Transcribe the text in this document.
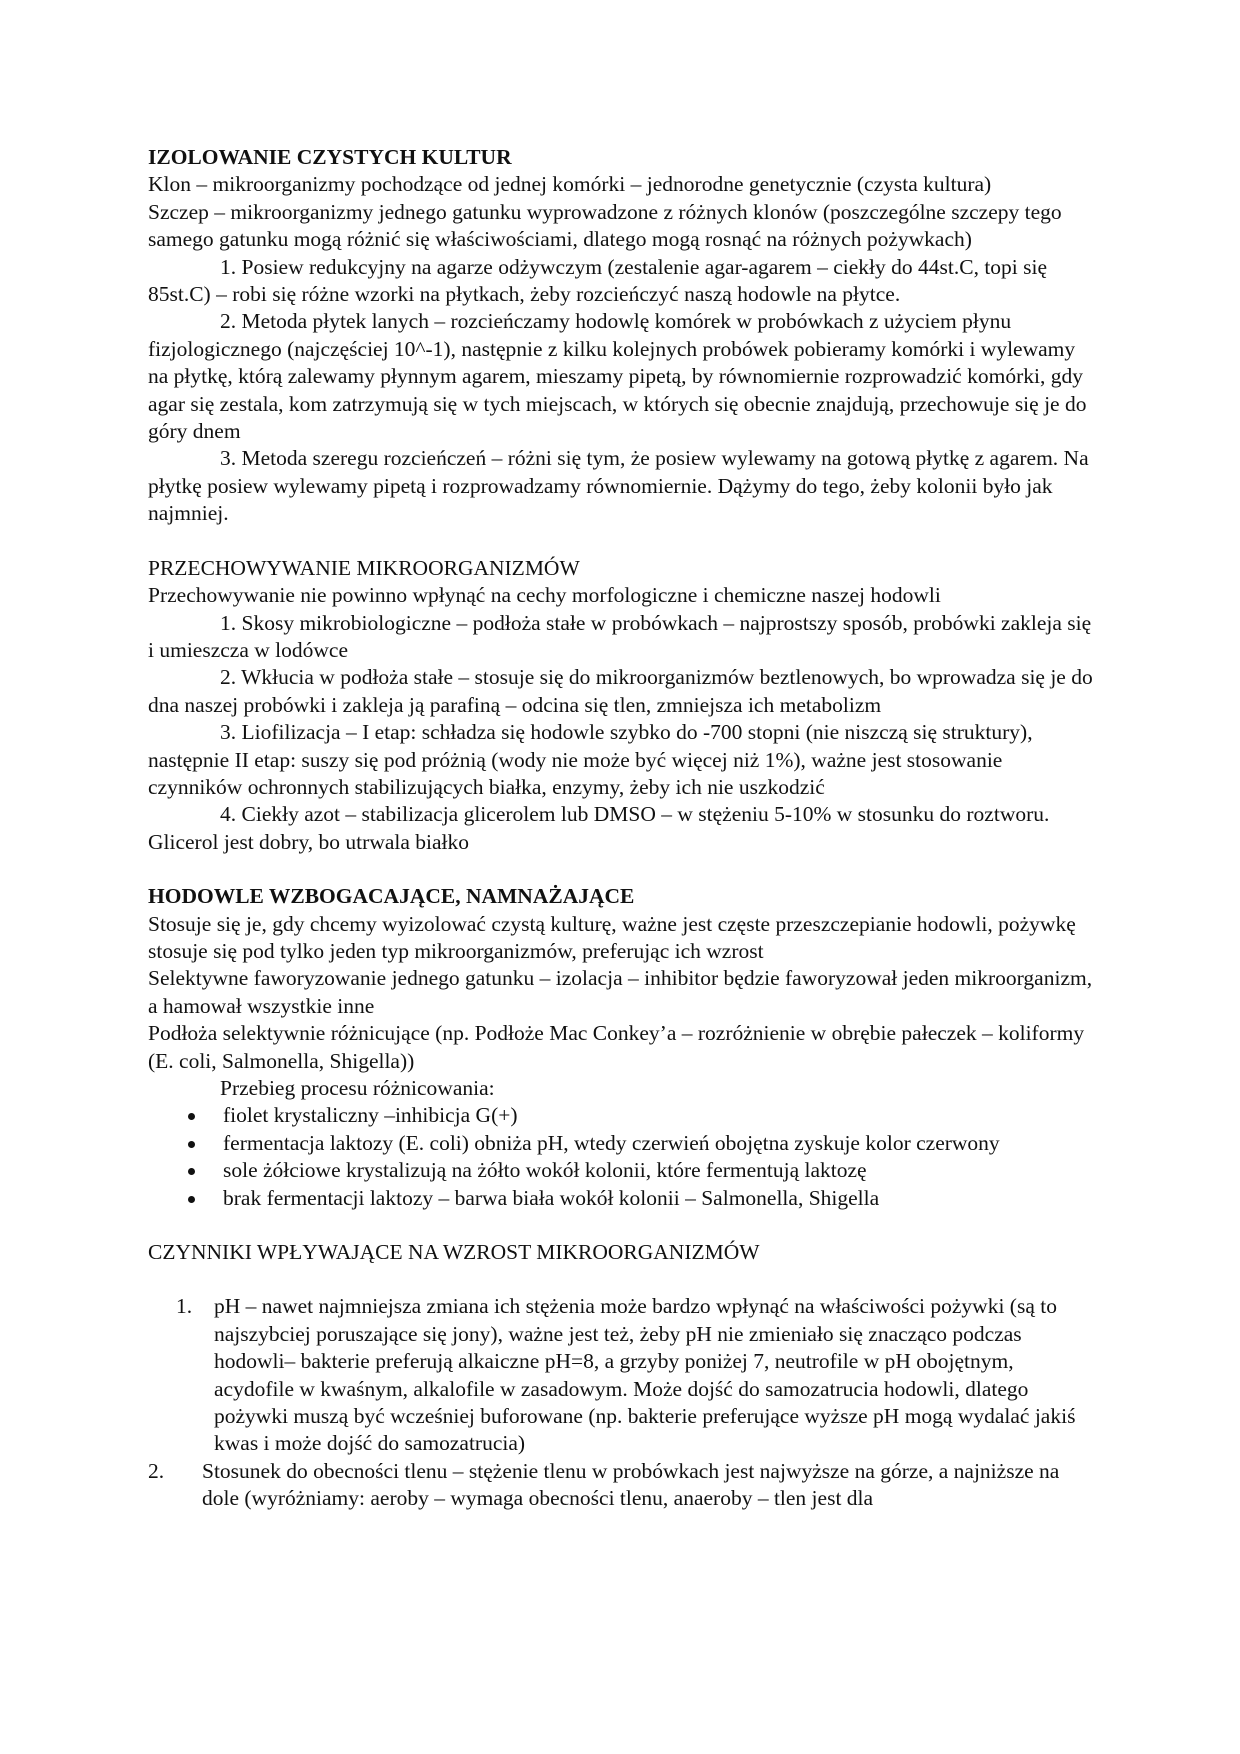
IZOLOWANIE CZYSTYCH KULTUR

Klon – mikroorganizmy pochodzące od jednej komórki – jednorodne genetycznie (czysta kultura)

Szczep – mikroorganizmy jednego gatunku wyprowadzone z różnych klonów (poszczególne szczepy tego samego gatunku mogą różnić się właściwościami, dlatego mogą rosnąć na różnych pożywkach)

1. Posiew redukcyjny na agarze odżywczym (zestalenie agar-agarem – ciekły do 44st.C, topi się 85st.C) – robi się różne wzorki na płytkach, żeby rozcieńczyć naszą hodowle na płytce.

2. Metoda płytek lanych – rozcieńczamy hodowlę komórek w probówkach z użyciem płynu fizjologicznego (najczęściej 10^-1), następnie z kilku kolejnych probówek pobieramy komórki i wylewamy na płytkę, którą zalewamy płynnym agarem, mieszamy pipetą, by równomiernie rozprowadzić komórki, gdy agar się zestala, kom zatrzymują się w tych miejscach, w których się obecnie znajdują, przechowuje się je do góry dnem

3. Metoda szeregu rozcieńczeń – różni się tym, że posiew wylewamy na gotową płytkę z agarem. Na płytkę posiew wylewamy pipetą i rozprowadzamy równomiernie. Dążymy do tego, żeby kolonii było jak najmniej.

PRZECHOWYWANIE MIKROORGANIZMÓW

Przechowywanie nie powinno wpłynąć na cechy morfologiczne i chemiczne naszej hodowli

1. Skosy mikrobiologiczne – podłoża stałe w probówkach – najprostszy sposób, probówki zakleja się i umieszcza w lodówce

2. Wkłucia w podłoża stałe – stosuje się do mikroorganizmów beztlenowych, bo wprowadza się je do dna naszej probówki i zakleja ją parafiną – odcina się tlen, zmniejsza ich metabolizm

3. Liofilizacja – I etap: schładza się hodowle szybko do -700 stopni (nie niszczą się struktury), następnie II etap: suszy się pod próżnią (wody nie może być więcej niż 1%), ważne jest stosowanie czynników ochronnych stabilizujących białka, enzymy, żeby ich nie uszkodzić

4. Ciekły azot – stabilizacja glicerolem lub DMSO – w stężeniu 5-10% w stosunku do roztworu. Glicerol jest dobry, bo utrwala białko

HODOWLE WZBOGACAJĄCE, NAMNAŻAJĄCE

Stosuje się je, gdy chcemy wyizolować czystą kulturę, ważne jest częste przeszczepianie hodowli, pożywkę stosuje się pod tylko jeden typ mikroorganizmów, preferując ich wzrost

Selektywne faworyzowanie jednego gatunku – izolacja – inhibitor będzie faworyzował jeden mikroorganizm, a hamował wszystkie inne

Podłoża selektywnie różnicujące (np. Podłoże Mac Conkey’a – rozróżnienie w obrębie pałeczek – koliformy (E. coli, Salmonella, Shigella))

Przebieg procesu różnicowania:

fiolet krystaliczny –inhibicja G(+)
fermentacja laktozy (E. coli) obniża pH, wtedy czerwień obojętna zyskuje kolor czerwony
sole żółciowe krystalizują na żółto wokół kolonii, które fermentują laktozę
brak fermentacji laktozy – barwa biała wokół kolonii – Salmonella, Shigella

CZYNNIKI WPŁYWAJĄCE NA WZROST MIKROORGANIZMÓW

1. pH – nawet najmniejsza zmiana ich stężenia może bardzo wpłynąć na właściwości pożywki (są to najszybciej poruszające się jony), ważne jest też, żeby pH nie zmieniało się znacząco podczas hodowli– bakterie preferują alkaiczne pH=8, a grzyby poniżej 7, neutrofile w pH obojętnym, acydofile w kwaśnym, alkalofile w zasadowym. Może dojść do samozatrucia hodowli, dlatego pożywki muszą być wcześniej buforowane (np. bakterie preferujące wyższe pH mogą wydalać jakiś kwas i może dojść do samozatrucia)
2. Stosunek do obecności tlenu – stężenie tlenu w probówkach jest najwyższe na górze, a najniższe na dole (wyróżniamy: aeroby – wymaga obecności tlenu, anaeroby – tlen jest dla
